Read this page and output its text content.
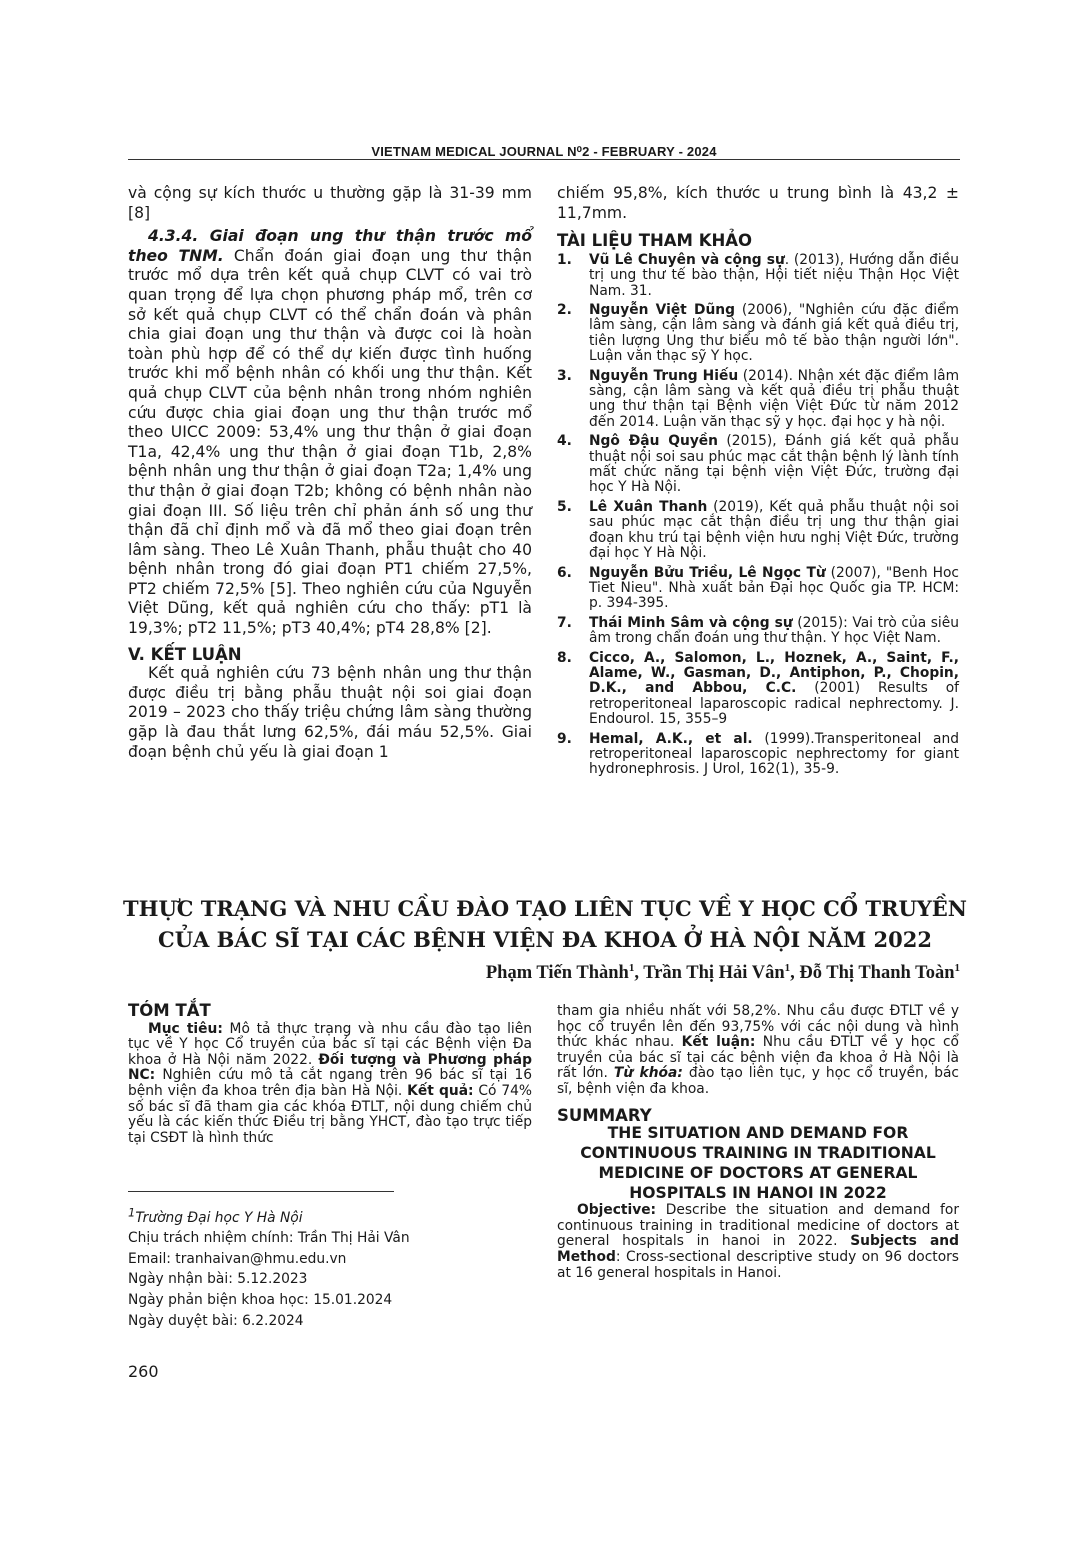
VIETNAM MEDICAL JOURNAL N⁰2 - FEBRUARY - 2024

và cộng sự kích thước u thường gặp là 31-39 mm [8]

4.3.4. Giai đoạn ung thư thận trước mổ theo TNM. Chẩn đoán giai đoạn ung thư thận trước mổ dựa trên kết quả chụp CLVT có vai trò quan trọng để lựa chọn phương pháp mổ, trên cơ sở kết quả chụp CLVT có thể chẩn đoán và phân chia giai đoạn ung thư thận và được coi là hoàn toàn phù hợp để có thể dự kiến được tình huống trước khi mổ bệnh nhân có khối ung thư thận. Kết quả chụp CLVT của bệnh nhân trong nhóm nghiên cứu được chia giai đoạn ung thư thận trước mổ theo UICC 2009: 53,4% ung thư thận ở giai đoạn T1a, 42,4% ung thư thận ở giai đoạn T1b, 2,8% bệnh nhân ung thư thận ở giai đoạn T2a; 1,4% ung thư thận ở giai đoạn T2b; không có bệnh nhân nào giai đoạn III. Số liệu trên chỉ phản ánh số ung thư thận đã chỉ định mổ và đã mổ theo giai đoạn trên lâm sàng. Theo Lê Xuân Thanh, phẫu thuật cho 40 bệnh nhân trong đó giai đoạn PT1 chiếm 27,5%, PT2 chiếm 72,5% [5]. Theo nghiên cứu của Nguyễn Việt Dũng, kết quả nghiên cứu cho thấy: pT1 là 19,3%; pT2 11,5%; pT3 40,4%; pT4 28,8% [2].

V. KẾT LUẬN

Kết quả nghiên cứu 73 bệnh nhân ung thư thận được điều trị bằng phẫu thuật nội soi giai đoạn 2019 – 2023 cho thấy triệu chứng lâm sàng thường gặp là đau thắt lưng 62,5%, đái máu 52,5%. Giai đoạn bệnh chủ yếu là giai đoạn 1

chiếm 95,8%, kích thước u trung bình là 43,2 ± 11,7mm.

TÀI LIỆU THAM KHẢO

1. Vũ Lê Chuyên và cộng sự. (2013), Hướng dẫn điều trị ung thư tế bào thận, Hội tiết niệu Thận Học Việt Nam. 31.
2. Nguyễn Việt Dũng (2006), "Nghiên cứu đặc điểm lâm sàng, cận lâm sàng và đánh giá kết quả điều trị, tiên lượng Ung thư biểu mô tế bào thận người lớn". Luận văn thạc sỹ Y học.
3. Nguyễn Trung Hiếu (2014). Nhận xét đặc điểm lâm sàng, cận lâm sàng và kết quả điều trị phẫu thuật ung thư thận tại Bệnh viện Việt Đức từ năm 2012 đến 2014. Luận văn thạc sỹ y học. đại học y hà nội.
4. Ngô Đậu Quyền (2015), Đánh giá kết quả phẫu thuật nội soi sau phúc mạc cắt thận bệnh lý lành tính mất chức năng tại bệnh viện Việt Đức, trường đại học Y Hà Nội.
5. Lê Xuân Thanh (2019), Kết quả phẫu thuật nội soi sau phúc mạc cắt thận điều trị ung thư thận giai đoạn khu trú tại bệnh viện hưu nghị Việt Đức, trường đại học Y Hà Nội.
6. Nguyễn Bửu Triều, Lê Ngọc Từ (2007), "Benh Hoc Tiet Nieu". Nhà xuất bản Đại học Quốc gia TP. HCM: p. 394-395.
7. Thái Minh Sâm và cộng sự (2015): Vai trò của siêu âm trong chẩn đoán ung thư thận. Y học Việt Nam.
8. Cicco, A., Salomon, L., Hoznek, A., Saint, F., Alame, W., Gasman, D., Antiphon, P., Chopin, D.K., and Abbou, C.C. (2001) Results of retroperitoneal laparoscopic radical nephrectomy. J. Endourol. 15, 355–9
9. Hemal, A.K., et al. (1999).Transperitoneal and retroperitoneal laparoscopic nephrectomy for giant hydronephrosis. J Urol, 162(1), 35-9.
THỰC TRẠNG VÀ NHU CẦU ĐÀO TẠO LIÊN TỤC VỀ Y HỌC CỔ TRUYỀN
CỦA BÁC SĨ TẠI CÁC BỆNH VIỆN ĐA KHOA Ở HÀ NỘI NĂM 2022
Phạm Tiến Thành$^1$, Trần Thị Hải Vân$^1$, Đỗ Thị Thanh Toàn$^1$

TÓM TẮT

Mục tiêu: Mô tả thực trạng và nhu cầu đào tạo liên tục về Y học Cổ truyền của bác sĩ tại các Bệnh viện Đa khoa ở Hà Nội năm 2022. Đối tượng và Phương pháp NC: Nghiên cứu mô tả cắt ngang trên 96 bác sĩ tại 16 bệnh viện đa khoa trên địa bàn Hà Nội. Kết quả: Có 74% số bác sĩ đã tham gia các khóa ĐTLT, nội dung chiếm chủ yếu là các kiến thức Điều trị bằng YHCT, đào tạo trực tiếp tại CSĐT là hình thức

tham gia nhiều nhất với 58,2%. Nhu cầu được ĐTLT về y học cổ truyền lên đến 93,75% với các nội dung và hình thức khác nhau. Kết luận: Nhu cầu ĐTLT về y học cổ truyền của bác sĩ tại các bệnh viện đa khoa ở Hà Nội là rất lớn. Từ khóa: đào tạo liên tục, y học cổ truyền, bác sĩ, bệnh viện đa khoa.

SUMMARY

THE SITUATION AND DEMAND FOR CONTINUOUS TRAINING IN TRADITIONAL MEDICINE OF DOCTORS AT GENERAL HOSPITALS IN HANOI IN 2022

Objective: Describe the situation and demand for continuous training in traditional medicine of doctors at general hospitals in hanoi in 2022. Subjects and Method: Cross-sectional descriptive study on 96 doctors at 16 general hospitals in Hanoi.

$^1$Trường Đại học Y Hà Nội
Chịu trách nhiệm chính: Trần Thị Hải Vân
Email: tranhaivan@hmu.edu.vn
Ngày nhận bài: 5.12.2023
Ngày phản biện khoa học: 15.01.2024
Ngày duyệt bài: 6.2.2024
260
